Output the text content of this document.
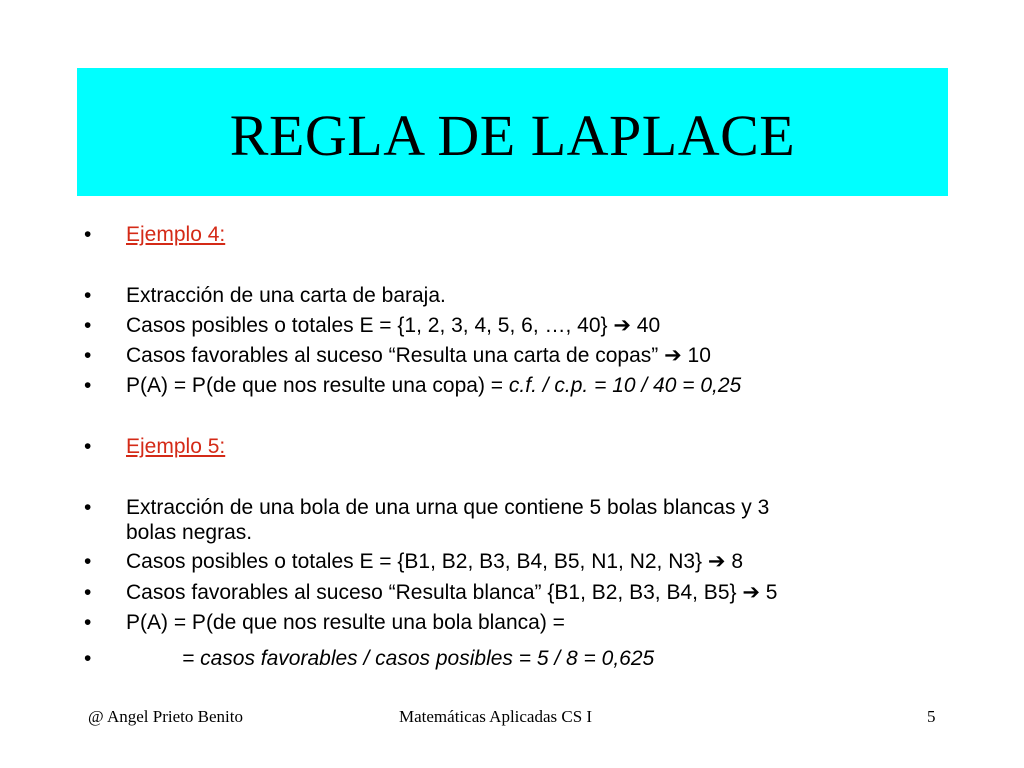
REGLA DE LAPLACE
•	Ejemplo 4:
•	Extracción de una carta de baraja.
•	Casos posibles o totales E = {1, 2, 3, 4, 5, 6, …, 40} ➔ 40
•	Casos favorables al suceso “Resulta una carta de copas” ➔ 10
•	P(A) = P(de que nos resulte una copa) = c.f. / c.p. = 10 / 40 = 0,25
•	Ejemplo 5:
•	Extracción de una bola de una urna que contiene 5 bolas blancas y 3
bolas negras.
•	Casos posibles o totales E = {B1, B2, B3, B4, B5, N1, N2, N3} ➔ 8
•	Casos favorables al suceso “Resulta blanca” {B1, B2, B3, B4, B5} ➔ 5
•	P(A) = P(de que nos resulte una bola blanca) =
•	= casos favorables / casos posibles = 5 / 8 = 0,625
@ Angel Prieto Benito	Matemáticas Aplicadas CS I	5
